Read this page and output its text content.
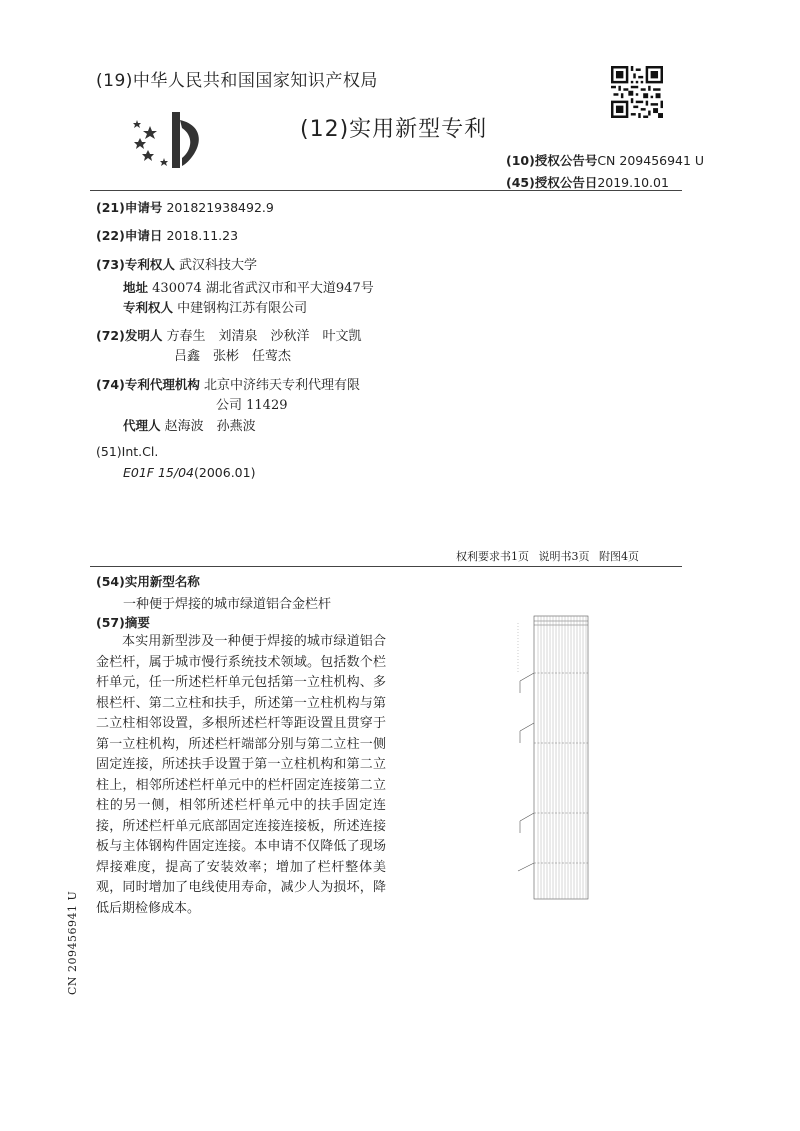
(19)中华人民共和国国家知识产权局
(12)实用新型专利
(10)授权公告号CN 209456941 U
(45)授权公告日2019.10.01
(21)申请号 201821938492.9
(22)申请日 2018.11.23
(73)专利权人 武汉科技大学
地址 430074 湖北省武汉市和平大道947号
专利权人 中建钢构江苏有限公司
(72)发明人 方春生　刘清泉　沙秋洋　叶文凯
吕鑫　张彬　任莺杰
(74)专利代理机构 北京中济纬天专利代理有限
公司 11429
代理人 赵海波　孙燕波
(51)Int.Cl.
E01F 15/04(2006.01)
权利要求书1页 说明书3页 附图4页
(54)实用新型名称
一种便于焊接的城市绿道铝合金栏杆
(57)摘要

本实用新型涉及一种便于焊接的城市绿道铝合金栏杆，属于城市慢行系统技术领域。包括数个栏杆单元，任一所述栏杆单元包括第一立柱机构、多根栏杆、第二立柱和扶手，所述第一立柱机构与第二立柱相邻设置，多根所述栏杆等距设置且贯穿于第一立柱机构，所述栏杆端部分别与第二立柱一侧固定连接，所述扶手设置于第一立柱机构和第二立柱上，相邻所述栏杆单元中的栏杆固定连接第二立柱的另一侧，相邻所述栏杆单元中的扶手固定连接，所述栏杆单元底部固定连接连接板，所述连接板与主体钢构件固定连接。本申请不仅降低了现场焊接难度，提高了安装效率；增加了栏杆整体美观，同时增加了电线使用寿命，减少人为损坏，降低后期检修成本。

CN 209456941 U
